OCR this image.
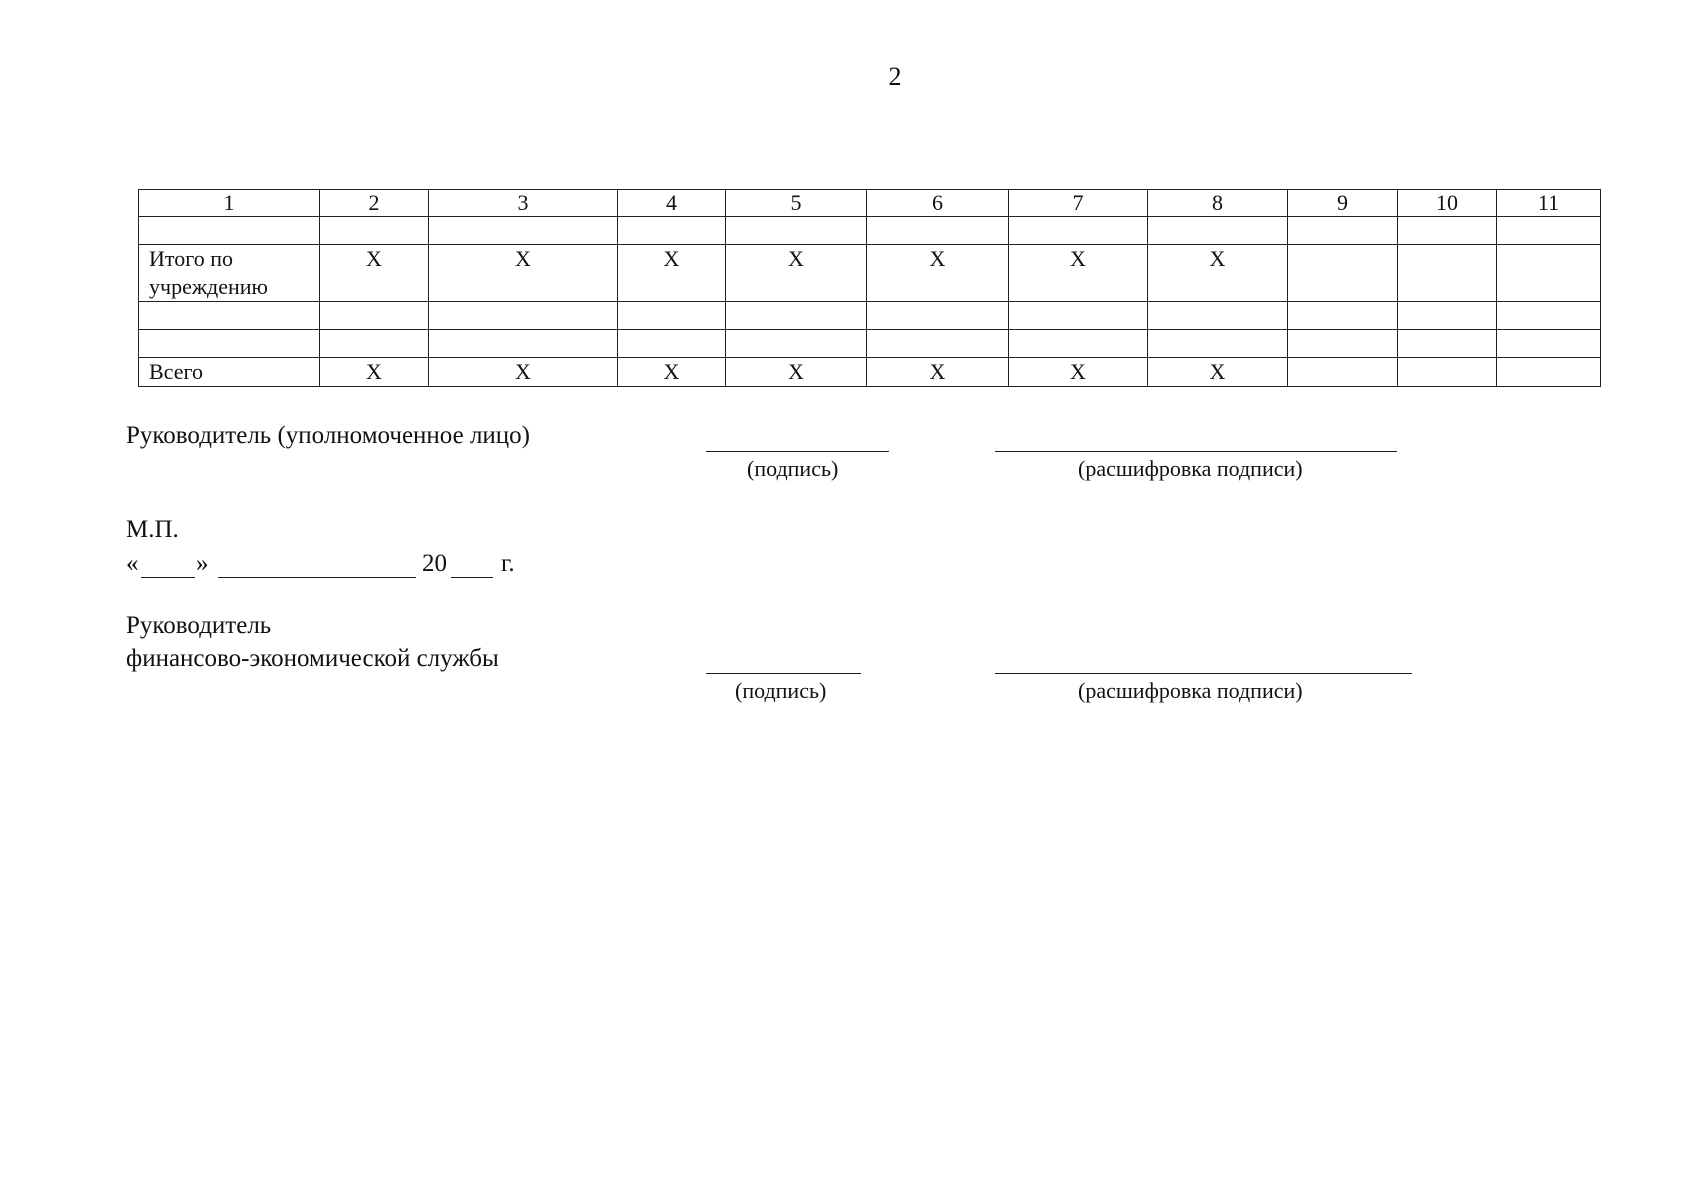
2
1	2	3	4	5	6	7	8	9	10	11

Итого по учреждению	X	X	X	X	X	X	X			

Всего	X	X	X	X	X	X	X			
Руководитель (уполномоченное лицо)
(подпись)	(расшифровка подписи)
М.П.
« »	20 г.
Руководитель
финансово-экономической службы
(подпись)	(расшифровка подписи)
